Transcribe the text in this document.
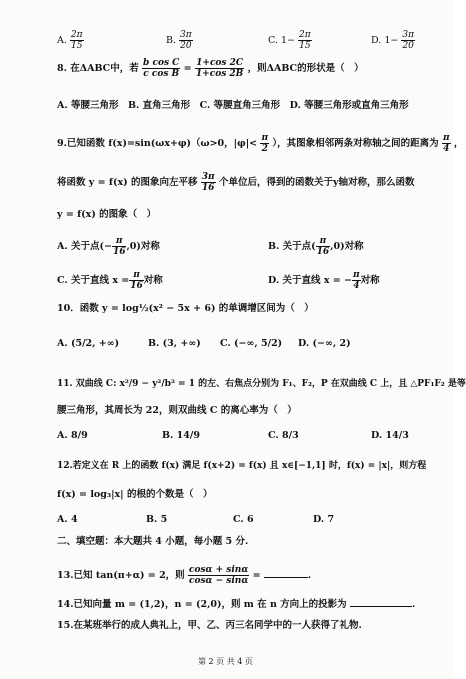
A. $\frac{2\pi}{15}$	B. $\frac{3\pi}{20}$	C. $1- \frac{2\pi}{15}$	D. $1- \frac{3\pi}{20}$
8. 在ΔABC中，若 $\frac{\text{b cos C}}{\text{c cos B}} = \frac{1+\cos 2C}{1+\cos 2B}$ ，则ΔABC的形状是（　）
A. 等腰三角形　B. 直角三角形　C. 等腰直角三角形　D. 等腰三角形或直角三角形
9.已知函数 f(x)=sin(ωx+φ)（ω>0，$|\varphi|< \frac{\pi}{2}$ ），其图象相邻两条对称轴之间的距离为 $\frac{\pi}{4}$ ，
将函数 y = f(x) 的图象向左平移 $\frac{3\pi}{16}$ 个单位后，得到的函数关于y轴对称，那么函数
y = f(x) 的图象（　）
A. 关于点(− $\frac{\pi}{16} ,0$)对称	B. 关于点( $\frac{\pi}{16} ,0$)对称
C. 关于直线 $x = \frac{\pi}{16}$ 对称	D. 关于直线 x = − $\frac{\pi}{4}$ 对称
10．函数 y = log½(x² − 5x + 6) 的单调增区间为（　）
A. (5/2, +∞)	B. (3, +∞) C. (−∞, 5/2) D. (−∞, 2)
11. 双曲线 C: x²/9 − y²/b² = 1 的左、右焦点分别为 F₁、F₂，P 在双曲线 C 上，且 △PF₁F₂ 是等
腰三角形，其周长为 22，则双曲线 C 的离心率为（　）
A. 8/9	B. 14/9	C. 8/3	D. 14/3
12.若定义在 R 上的函数 f(x) 满足 f(x+2) = f(x) 且 x∈[−1,1] 时，f(x) = |x|，则方程
f(x) = log₃|x| 的根的个数是（　）
A. 4	B. 5	C. 6	D. 7
二、填空题：本大题共 4 小题，每小题 5 分.
13.已知 tan(π+α) = 2，则 $\frac{\cos\alpha + \sin\alpha}{\cos\alpha - \sin\alpha}$ =	.
14.已知向量 m = (1,2)，n = (2,0)，则 m 在 n 方向上的投影为	.
15.在某班举行的成人典礼上，甲、乙、丙三名同学中的一人获得了礼物.
第 2 页 共 4 页
